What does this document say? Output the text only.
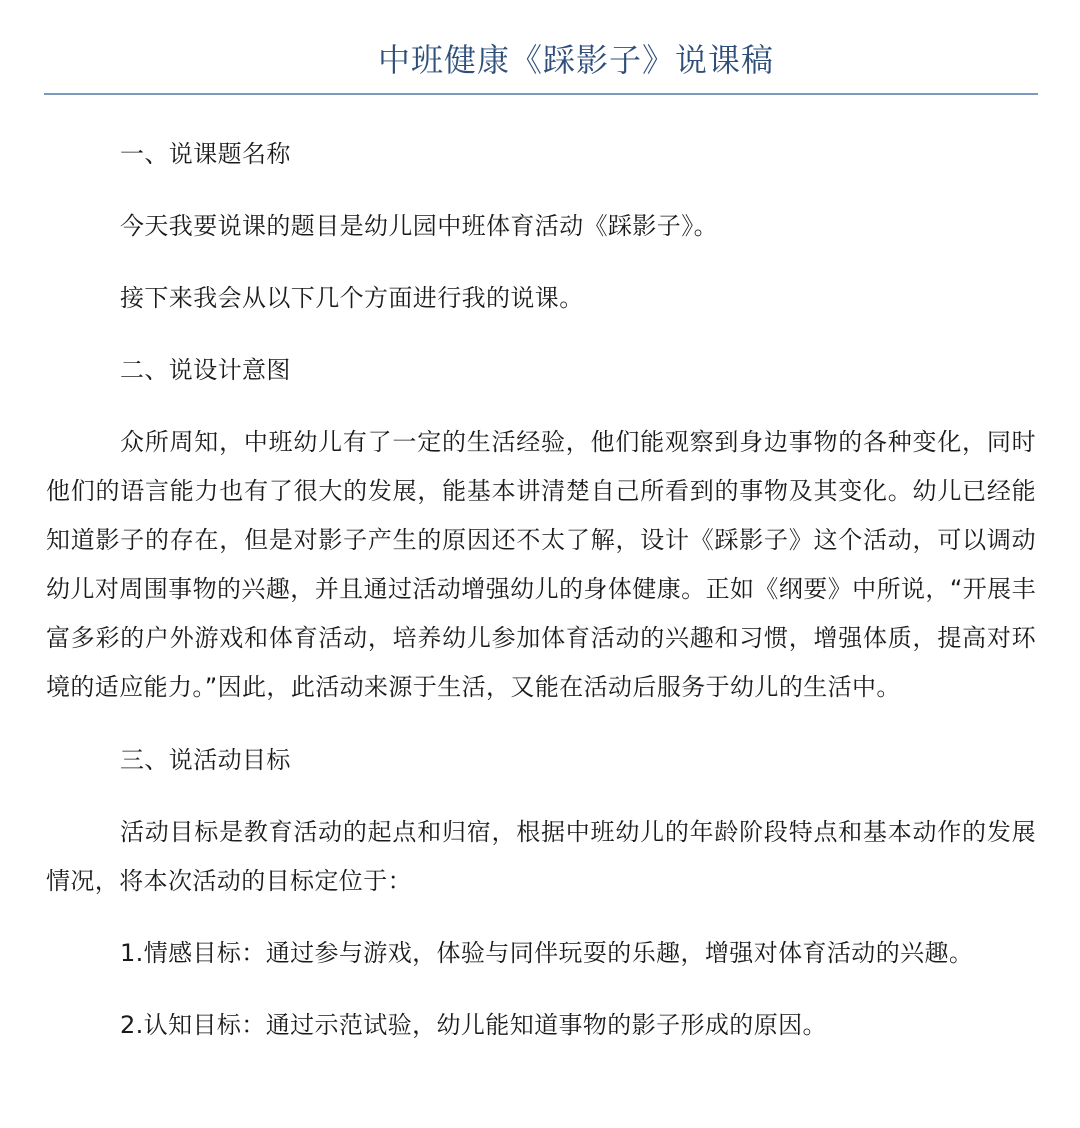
中班健康《踩影子》说课稿

一、说课题名称

今天我要说课的题目是幼儿园中班体育活动《踩影子》。

接下来我会从以下几个方面进行我的说课。

二、说设计意图

众所周知，中班幼儿有了一定的生活经验，他们能观察到身边事物的各种变化，同时他们的语言能力也有了很大的发展，能基本讲清楚自己所看到的事物及其变化。幼儿已经能知道影子的存在，但是对影子产生的原因还不太了解，设计《踩影子》这个活动，可以调动幼儿对周围事物的兴趣，并且通过活动增强幼儿的身体健康。正如《纲要》中所说，“开展丰富多彩的户外游戏和体育活动，培养幼儿参加体育活动的兴趣和习惯，增强体质，提高对环境的适应能力。”因此，此活动来源于生活，又能在活动后服务于幼儿的生活中。

三、说活动目标

活动目标是教育活动的起点和归宿，根据中班幼儿的年龄阶段特点和基本动作的发展情况，将本次活动的目标定位于：

1.情感目标：通过参与游戏，体验与同伴玩耍的乐趣，增强对体育活动的兴趣。

2.认知目标：通过示范试验，幼儿能知道事物的影子形成的原因。
